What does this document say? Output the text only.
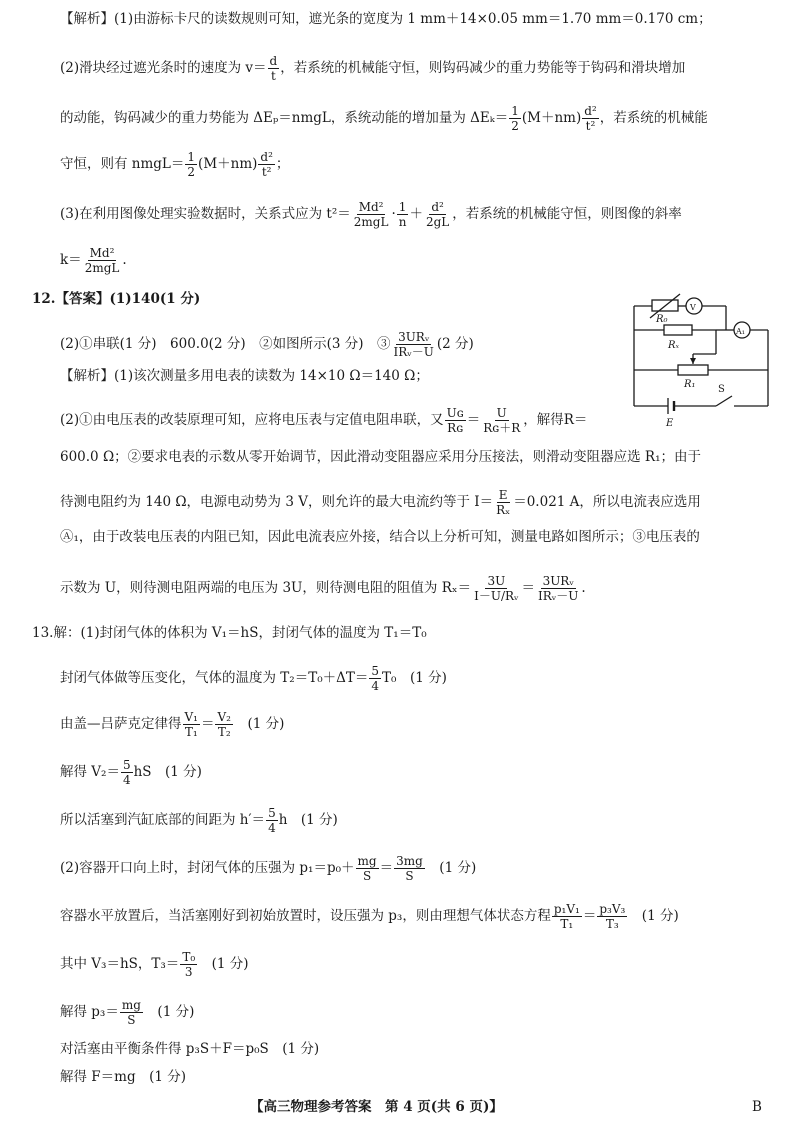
【解析】(1)由游标卡尺的读数规则可知，遮光条的宽度为 1 mm＋14×0.05 mm＝1.70 mm＝0.170 cm；
(2)滑块经过遮光条时的速度为 $v= \frac{d}{t}$ ，若系统的机械能守恒，则钩码减少的重力势能等于钩码和滑块增加
的动能，钩码减少的重力势能为 ΔEₚ＝nmgL，系统动能的增加量为 $\Delta E_k= \frac{1}{2} (M+nm) \frac{\text{d²}}{\text{t²}}$ ，若系统的机械能
守恒，则有 nmgL＝ $\frac{1}{2} (M+nm) \frac{\text{d²}}{\text{t²}}$ ；
(3)在利用图像处理实验数据时，关系式应为 $t^2= \frac{\text{Md²}}{\text{2mgL}} \cdot \frac{1}{n} + \frac{\text{d²}}{2gL}$ ，若系统的机械能守恒，则图像的斜率
$k= \frac{\text{Md²}}{\text{2mgL}}$ .
12.【答案】(1)140(1 分)
(2)①串联(1 分)　600.0(2 分)　②如图所示(3 分)　③ $\frac{\text{3URᵥ}}{\text{IRᵥ－U}} (2$ 分)
【解析】(1)该次测量多用电表的读数为 14×10 Ω＝140 Ω；
(2)①由电压表的改装原理可知，应将电压表与定值电阻串联，又 $\frac{\text{Uɢ}}{\text{Rɢ}} = \frac{U}{\text{Rɢ＋R}}$ ，解得R＝
600.0 Ω；②要求电表的示数从零开始调节，因此滑动变阻器应采用分压接法，则滑动变阻器应选 R₁；由于
待测电阻约为 140 Ω，电源电动势为 3 V，则允许的最大电流约等于 $I= \frac{E}{\text{Rₓ}} =0.021$ A，所以电流表应选用
Ⓐ₁，由于改装电压表的内阻已知，因此电流表应外接，结合以上分析可知，测量电路如图所示；③电压表的
示数为 U，则待测电阻两端的电压为 3U，则待测电阻的阻值为 $R_x= \frac{3U}{\text{I－U/Rᵥ}} = \frac{\text{3URᵥ}}{\text{IRᵥ－U}}$ .
R₀
V
Rₓ
A₁
R₁
E
S
13.解：(1)封闭气体的体积为 V₁＝hS，封闭气体的温度为 T₁＝T₀
封闭气体做等压变化，气体的温度为 $T_2=T_0+\Delta T= \frac{5}{4} T_0$　(1 分)
由盖—吕萨克定律得 $\frac{\text{V₁}}{\text{T₁}} = \frac{\text{V₂}}{\text{T₂}}$
　 (1 分)
解得 $V_2= \frac{5}{4}$ hS　(1 分)
所以活塞到汽缸底部的间距为 $h'= \frac{5}{4}$ h　(1 分)
(2)容器开口向上时，封闭气体的压强为 $p_1=p_0+ \frac{mg}{S} = \frac{3mg}{S}$
　 (1 分)
容器水平放置后，当活塞刚好到初始放置时，设压强为 p₃，则由理想气体状态方程 $\frac{\text{p₁V₁}}{\text{T₁}} = \frac{\text{p₃V₃}}{\text{T₃}}$
　 (1 分)
其中 V₃＝hS，$T_3= \frac{\text{T₀}}{3}$
　 (1 分)
解得 $p_3= \frac{mg}{S}$
　 (1 分)
对活塞由平衡条件得 p₃S＋F＝p₀S　(1 分)
解得 F＝mg　(1 分)
【高三物理参考答案　第 4 页(共 6 页)】	B
